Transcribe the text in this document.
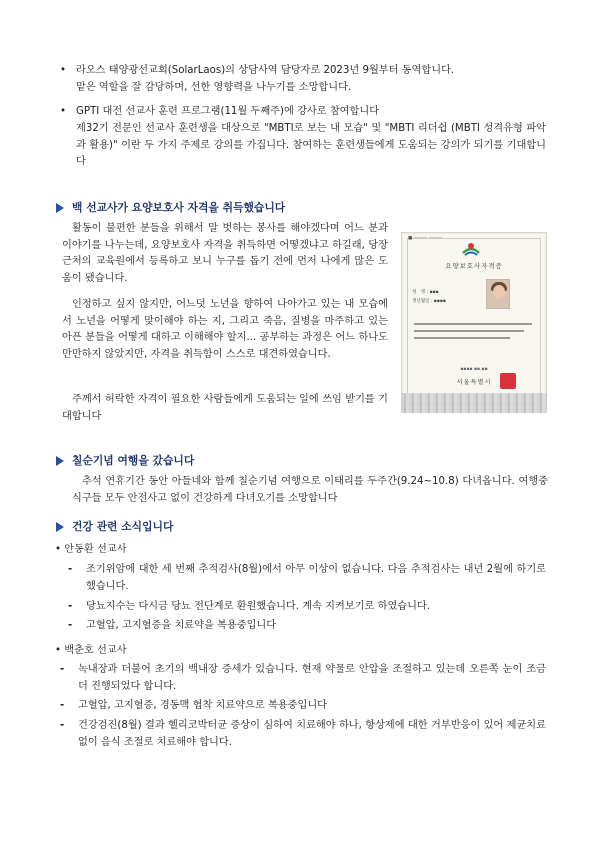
• 라오스 태양광선교회(SolarLaos)의 상담사역 담당자로 2023년 9월부터 동역합니다.
맡은 역할을 잘 감당하며, 선한 영향력을 나누기를 소망합니다.
• GPTI 대전 선교사 훈련 프로그램(11월 두째주)에 강사로 참여합니다
제32기 전문인 선교사 훈련생을 대상으로 "MBTI로 보는 내 모습" 및 "MBTI 리더쉽 (MBTI 성격유형 파악과 활용)" 이란 두 가지 주제로 강의를 가집니다. 참여하는 훈련생들에게 도움되는 강의가 되기를 기대합니다
백 선교사가 요양보호사 자격을 취득했습니다
활동이 불편한 분들을 위해서 말 벗하는 봉사를 해야겠다며 어느 분과 이야기를 나누는데, 요양보호사 자격을 취득하면 어떻겠냐고 하길래, 당장 근처의 교육원에서 등록하고 보니 누구를 돕기 전에 먼저 나에게 많은 도움이 됐습니다.
인정하고 싶지 않지만, 어느덧 노년을 향하여 나아가고 있는 내 모습에서 노년을 어떻게 맞이해야 하는 지, 그리고 죽음, 질병을 마주하고 있는 아픈 분들을 어떻게 대하고 이해해야 할지... 공부하는 과정은 어느 하나도 만만하지 않았지만, 자격을 취득함이 스스로 대견하였습니다.
주께서 허락한 자격이 필요한 사람들에게 도움되는 일에 쓰임 받기를 기대합니다
■ ——— ———
요양보호사자격증
성　명 : ▪▪▪
생년월일 : ▪▪▪▪
▪▪▪▪ ▪▪ ▪▪
서울특별시
칠순기념 여행을 갔습니다
추석 연휴기간 동안 아들네와 함께 칠순기념 여행으로 이태리를 두주간(9.24~10.8) 다녀옵니다. 여행중 식구들 모두 안전사고 없이 건강하게 다녀오기를 소망합니다
건강 관련 소식입니다
• 안동환 선교사
- 조기위암에 대한 세 번째 추적검사(8월)에서 아무 이상이 없습니다. 다음 추적검사는 내년 2월에 하기로 했습니다.
- 당뇨지수는 다시금 당뇨 전단계로 환원했습니다. 계속 지켜보기로 하였습니다.
- 고혈압, 고지혈증을 치료약을 복용중입니다
• 백춘호 선교사
- 녹내장과 더불어 초기의 백내장 증세가 있습니다. 현재 약물로 안압을 조절하고 있는데 오른쪽 눈이 조금 더 진행되었다 합니다.
- 고혈압, 고지혈증, 경동맥 협착 치료약으로 복용중입니다
- 건강검진(8월) 결과 헬리코박터균 증상이 심하여 치료해야 하나, 항상제에 대한 거부반응이 있어 제균치료 없이 음식 조절로 치료해야 합니다.
